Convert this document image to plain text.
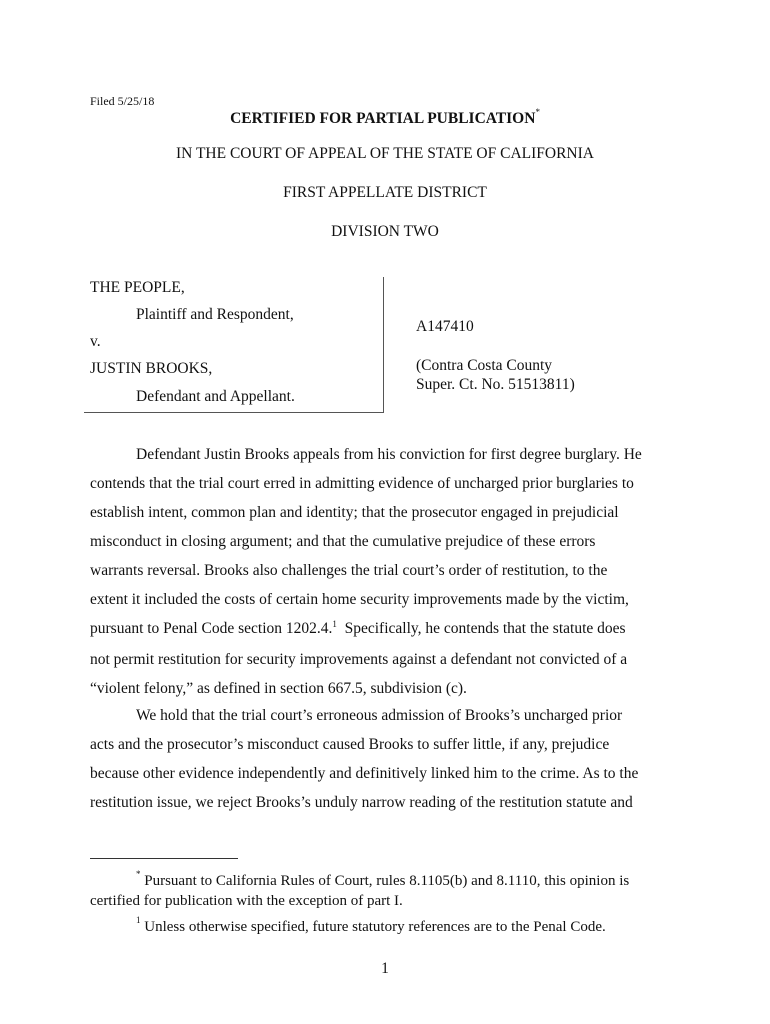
Filed 5/25/18
CERTIFIED FOR PARTIAL PUBLICATION*
IN THE COURT OF APPEAL OF THE STATE OF CALIFORNIA
FIRST APPELLATE DISTRICT
DIVISION TWO
THE PEOPLE,
Plaintiff and Respondent,
v.
JUSTIN BROOKS,
Defendant and Appellant.
A147410
(Contra Costa County
Super. Ct. No. 51513811)
Defendant Justin Brooks appeals from his conviction for first degree burglary. He
contends that the trial court erred in admitting evidence of uncharged prior burglaries to
establish intent, common plan and identity; that the prosecutor engaged in prejudicial
misconduct in closing argument; and that the cumulative prejudice of these errors
warrants reversal. Brooks also challenges the trial court’s order of restitution, to the
extent it included the costs of certain home security improvements made by the victim,
pursuant to Penal Code section 1202.4.$^1$  Specifically, he contends that the statute does
not permit restitution for security improvements against a defendant not convicted of a
“violent felony,” as defined in section 667.5, subdivision (c).
We hold that the trial court’s erroneous admission of Brooks’s uncharged prior
acts and the prosecutor’s misconduct caused Brooks to suffer little, if any, prejudice
because other evidence independently and definitively linked him to the crime. As to the
restitution issue, we reject Brooks’s unduly narrow reading of the restitution statute and
* Pursuant to California Rules of Court, rules 8.1105(b) and 8.1110, this opinion is
certified for publication with the exception of part I.
$^1$ Unless otherwise specified, future statutory references are to the Penal Code.
1
